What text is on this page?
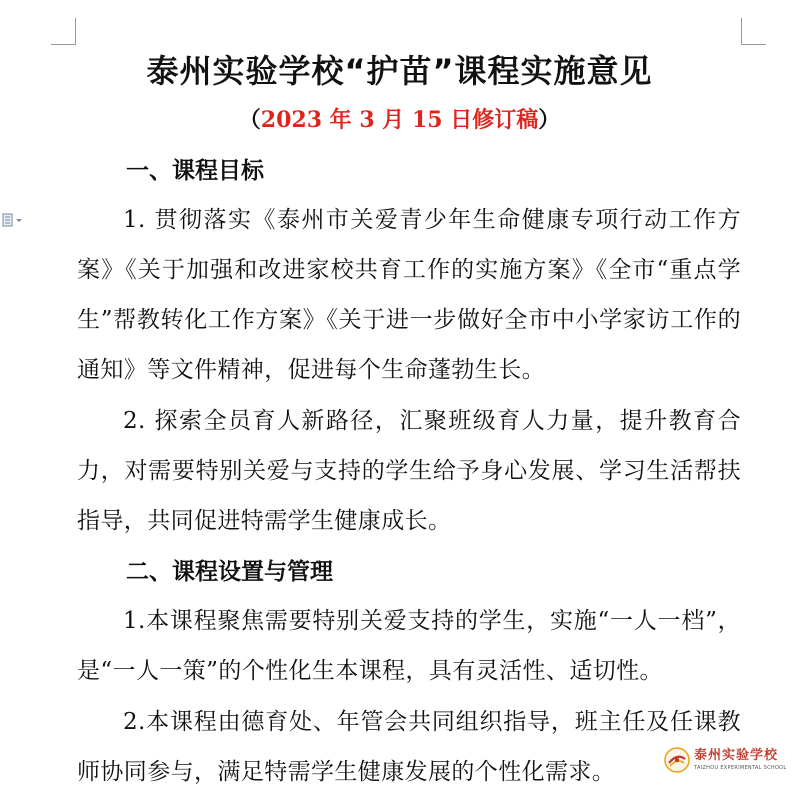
泰州实验学校“护苗”课程实施意见
（2023 年 3 月 15 日修订稿）
一、课程目标
1. 贯彻落实《泰州市关爱青少年生命健康专项行动工作方案》《关于加强和改进家校共育工作的实施方案》《全市“重点学生”帮教转化工作方案》《关于进一步做好全市中小学家访工作的通知》等文件精神，促进每个生命蓬勃生长。
2. 探索全员育人新路径，汇聚班级育人力量，提升教育合力，对需要特别关爱与支持的学生给予身心发展、学习生活帮扶指导，共同促进特需学生健康成长。
二、课程设置与管理
1.本课程聚焦需要特别关爱支持的学生，实施“一人一档”，是“一人一策”的个性化生本课程，具有灵活性、适切性。
2.本课程由德育处、年管会共同组织指导，班主任及任课教师协同参与，满足特需学生健康发展的个性化需求。
泰州实验学校
TAIZHOU EXPERIMENTAL SCHOOL
